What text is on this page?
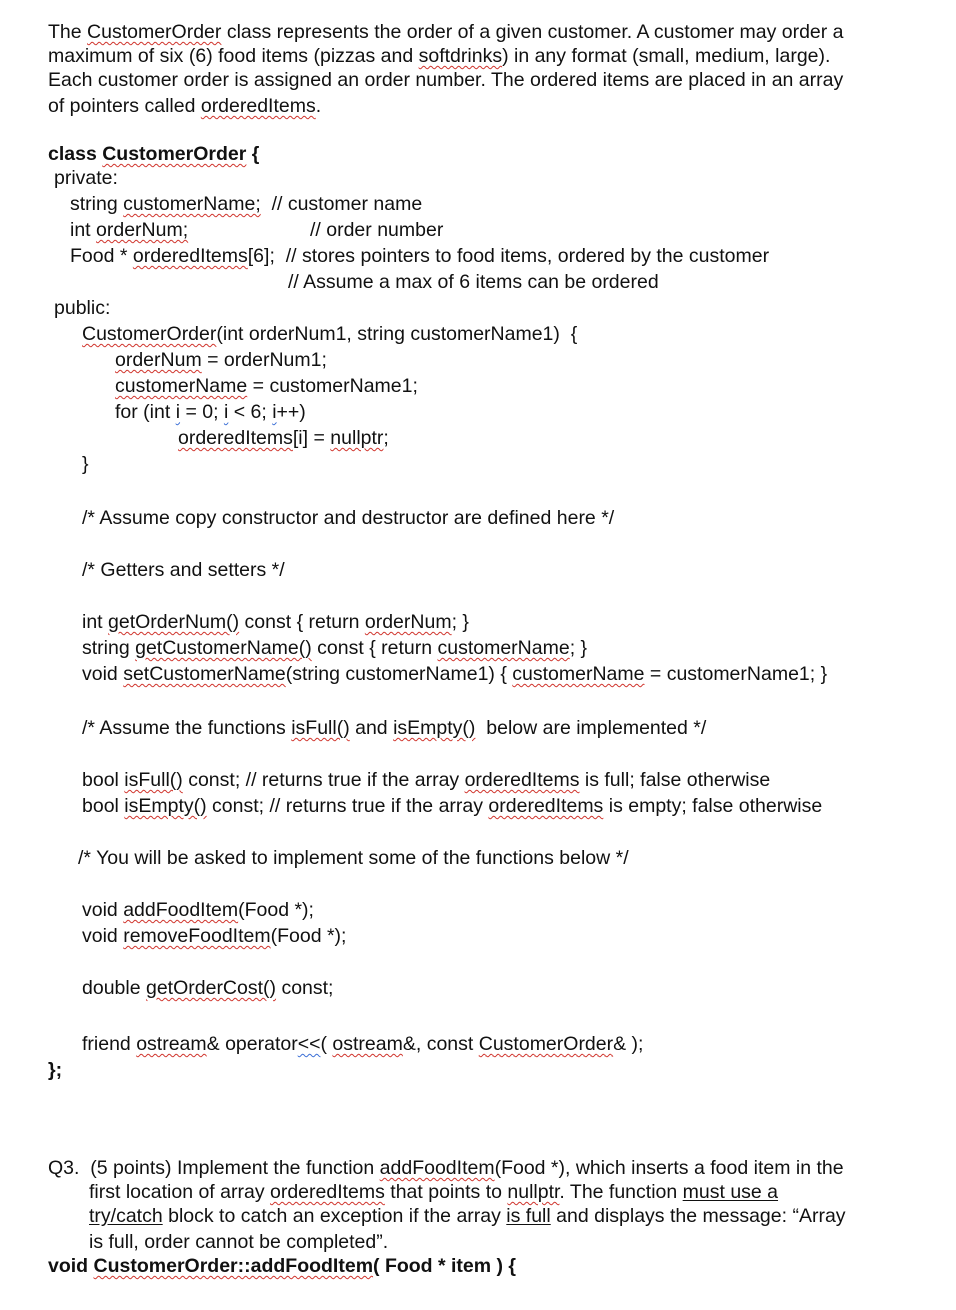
The CustomerOrder class represents the order of a given customer. A customer may order a
maximum of six (6) food items (pizzas and softdrinks) in any format (small, medium, large).
Each customer order is assigned an order number. The ordered items are placed in an array
of pointers called orderedItems.
class CustomerOrder {
private:
string customerName;  // customer name
int orderNum;	// order number
Food * orderedItems[6];  // stores pointers to food items, ordered by the customer
// Assume a max of 6 items can be ordered
public:
CustomerOrder(int orderNum1, string customerName1)  {
orderNum = orderNum1;
customerName = customerName1;
for (int i = 0; i < 6; i++)
orderedItems[i] = nullptr;
}
/* Assume copy constructor and destructor are defined here */
/* Getters and setters */
int getOrderNum() const { return orderNum; }
string getCustomerName() const { return customerName; }
void setCustomerName(string customerName1) { customerName = customerName1; }
/* Assume the functions isFull() and isEmpty()  below are implemented */
bool isFull() const; // returns true if the array orderedItems is full; false otherwise
bool isEmpty() const; // returns true if the array orderedItems is empty; false otherwise
/* You will be asked to implement some of the functions below */
void addFoodItem(Food *);
void removeFoodItem(Food *);
double getOrderCost() const;
friend ostream& operator<<( ostream&, const CustomerOrder& );
};
Q3.  (5 points) Implement the function addFoodItem(Food *), which inserts a food item in the
first location of array orderedItems that points to nullptr. The function must use a
try/catch block to catch an exception if the array is full and displays the message: “Array
is full, order cannot be completed”.
void CustomerOrder::addFoodItem( Food * item ) {
